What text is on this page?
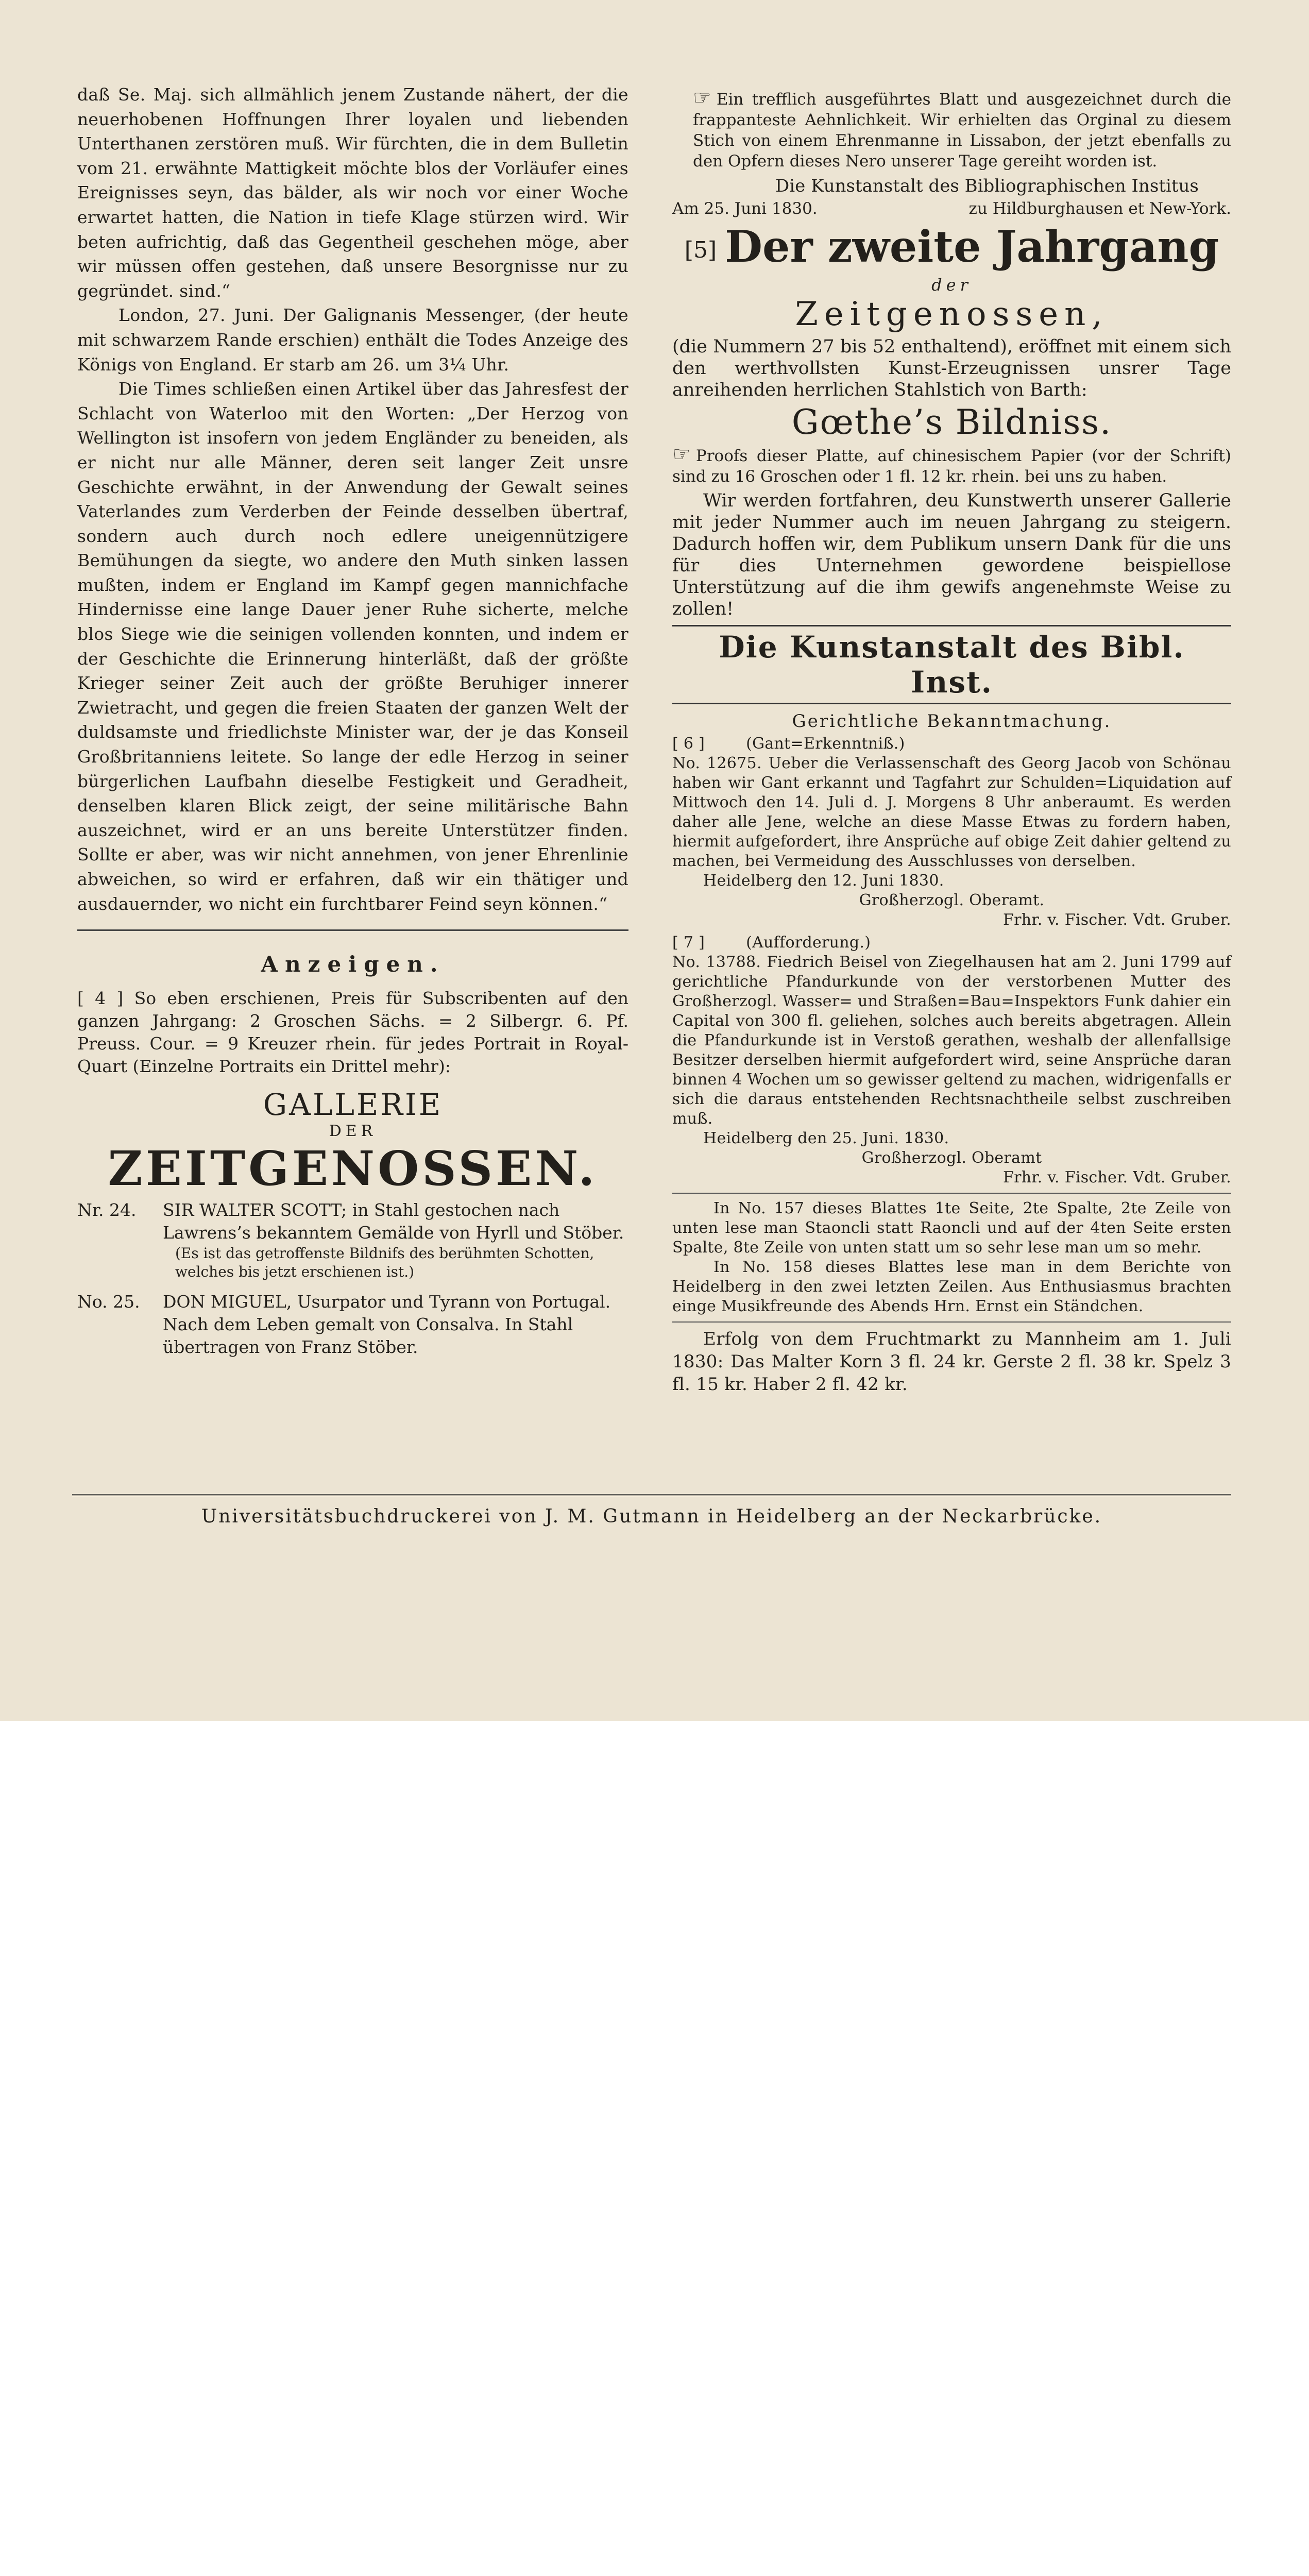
daß Se. Maj. sich allmählich jenem Zustande nähert, der die neuerhobenen Hoffnungen Ihrer loyalen und liebenden Unterthanen zerstören muß. Wir fürchten, die in dem Bulletin vom 21. erwähnte Mattigkeit möchte blos der Vorläufer eines Ereignisses seyn, das bälder, als wir noch vor einer Woche erwartet hatten, die Nation in tiefe Klage stürzen wird. Wir beten aufrichtig, daß das Gegentheil geschehen möge, aber wir müssen offen gestehen, daß unsere Besorgnisse nur zu gegründet. sind.“

London, 27. Juni. Der Galignanis Messenger, (der heute mit schwarzem Rande erschien) enthält die Todes Anzeige des Königs von England. Er starb am 26. um 3¼ Uhr.

Die Times schließen einen Artikel über das Jahresfest der Schlacht von Waterloo mit den Worten: „Der Herzog von Wellington ist insofern von jedem Engländer zu beneiden, als er nicht nur alle Männer, deren seit langer Zeit unsre Geschichte erwähnt, in der Anwendung der Gewalt seines Vaterlandes zum Verderben der Feinde desselben übertraf, sondern auch durch noch edlere uneigennützigere Bemühungen da siegte, wo andere den Muth sinken lassen mußten, indem er England im Kampf gegen mannichfache Hindernisse eine lange Dauer jener Ruhe sicherte, melche blos Siege wie die seinigen vollenden konnten, und indem er der Geschichte die Erinnerung hinterläßt, daß der größte Krieger seiner Zeit auch der größte Beruhiger innerer Zwietracht, und gegen die freien Staaten der ganzen Welt der duldsamste und friedlichste Minister war, der je das Konseil Großbritanniens leitete. So lange der edle Herzog in seiner bürgerlichen Laufbahn dieselbe Festigkeit und Geradheit, denselben klaren Blick zeigt, der seine militärische Bahn auszeichnet, wird er an uns bereite Unterstützer finden. Sollte er aber, was wir nicht annehmen, von jener Ehrenlinie abweichen, so wird er erfahren, daß wir ein thätiger und ausdauernder, wo nicht ein furchtbarer Feind seyn können.“

Anzeigen.

[ 4 ] So eben erschienen, Preis für Subscribenten auf den ganzen Jahrgang: 2 Groschen Sächs. = 2 Silbergr. 6. Pf. Preuss. Cour. = 9 Kreuzer rhein. für jedes Portrait in Royal-Quart (Einzelne Portraits ein Drittel mehr):

GALLERIE
DER
ZEITGENOSSEN.
Nr. 24.	SIR WALTER SCOTT; in Stahl gestochen nach Lawrens’s bekanntem Gemälde von Hyrll und Stöber.
(Es ist das getroffenste Bildnifs des berühmten Schotten, welches bis jetzt erschienen ist.)
No. 25.	DON MIGUEL, Usurpator und Tyrann von Portugal. Nach dem Leben gemalt von Consalva. In Stahl übertragen von Franz Stöber.

☞ Ein trefflich ausgeführtes Blatt und ausgezeichnet durch die frappanteste Aehnlichkeit. Wir erhielten das Orginal zu diesem Stich von einem Ehrenmanne in Lissabon, der jetzt ebenfalls zu den Opfern dieses Nero unserer Tage gereiht worden ist.

Die Kunstanstalt des Bibliographischen Institus

Am 25. Juni 1830.	zu Hildburghausen et New-York.
[5] Der zweite Jahrgang
der
Zeitgenossen,

(die Nummern 27 bis 52 enthaltend), eröffnet mit einem sich den werthvollsten Kunst-Erzeugnissen unsrer Tage anreihenden herrlichen Stahlstich von Barth:

Gœthe’s Bildniss.

☞ Proofs dieser Platte, auf chinesischem Papier (vor der Schrift) sind zu 16 Groschen oder 1 fl. 12 kr. rhein. bei uns zu haben.

Wir werden fortfahren, deu Kunstwerth unserer Gallerie mit jeder Nummer auch im neuen Jahrgang zu steigern. Dadurch hoffen wir, dem Publikum unsern Dank für die uns für dies Unternehmen gewordene beispiellose Unterstützung auf die ihm gewifs angenehmste Weise zu zollen!

Die Kunstanstalt des Bibl. Inst.
Gerichtliche Bekanntmachung.
[ 6 ]	(Gant=Erkenntniß.)

No. 12675. Ueber die Verlassenschaft des Georg Jacob von Schönau haben wir Gant erkannt und Tagfahrt zur Schulden=Liquidation auf Mittwoch den 14. Juli d. J. Morgens 8 Uhr anberaumt. Es werden daher alle Jene, welche an diese Masse Etwas zu fordern haben, hiermit aufgefordert, ihre Ansprüche auf obige Zeit dahier geltend zu machen, bei Vermeidung des Ausschlusses von derselben.

Heidelberg den 12. Juni 1830.

Großherzogl. Oberamt.

Frhr. v. Fischer. Vdt. Gruber.

[ 7 ]	(Aufforderung.)

No. 13788. Fiedrich Beisel von Ziegelhausen hat am 2. Juni 1799 auf gerichtliche Pfandurkunde von der verstorbenen Mutter des Großherzogl. Wasser= und Straßen=Bau=Inspektors Funk dahier ein Capital von 300 fl. geliehen, solches auch bereits abgetragen. Allein die Pfandurkunde ist in Verstoß gerathen, weshalb der allenfallsige Besitzer derselben hiermit aufgefordert wird, seine Ansprüche daran binnen 4 Wochen um so gewisser geltend zu machen, widrigenfalls er sich die daraus entstehenden Rechtsnachtheile selbst zuschreiben muß.

Heidelberg den 25. Juni. 1830.

Großherzogl. Oberamt

Frhr. v. Fischer. Vdt. Gruber.

In No. 157 dieses Blattes 1te Seite, 2te Spalte, 2te Zeile von unten lese man Staoncli statt Raoncli und auf der 4ten Seite ersten Spalte, 8te Zeile von unten statt um so sehr lese man um so mehr.

In No. 158 dieses Blattes lese man in dem Berichte von Heidelberg in den zwei letzten Zeilen. Aus Enthusiasmus brachten einge Musikfreunde des Abends Hrn. Ernst ein Ständchen.

Erfolg von dem Fruchtmarkt zu Mannheim am 1. Juli 1830: Das Malter Korn 3 fl. 24 kr. Gerste 2 fl. 38 kr. Spelz 3 fl. 15 kr. Haber 2 fl. 42 kr.

Universitätsbuchdruckerei von J. M. Gutmann in Heidelberg an der Neckarbrücke.
